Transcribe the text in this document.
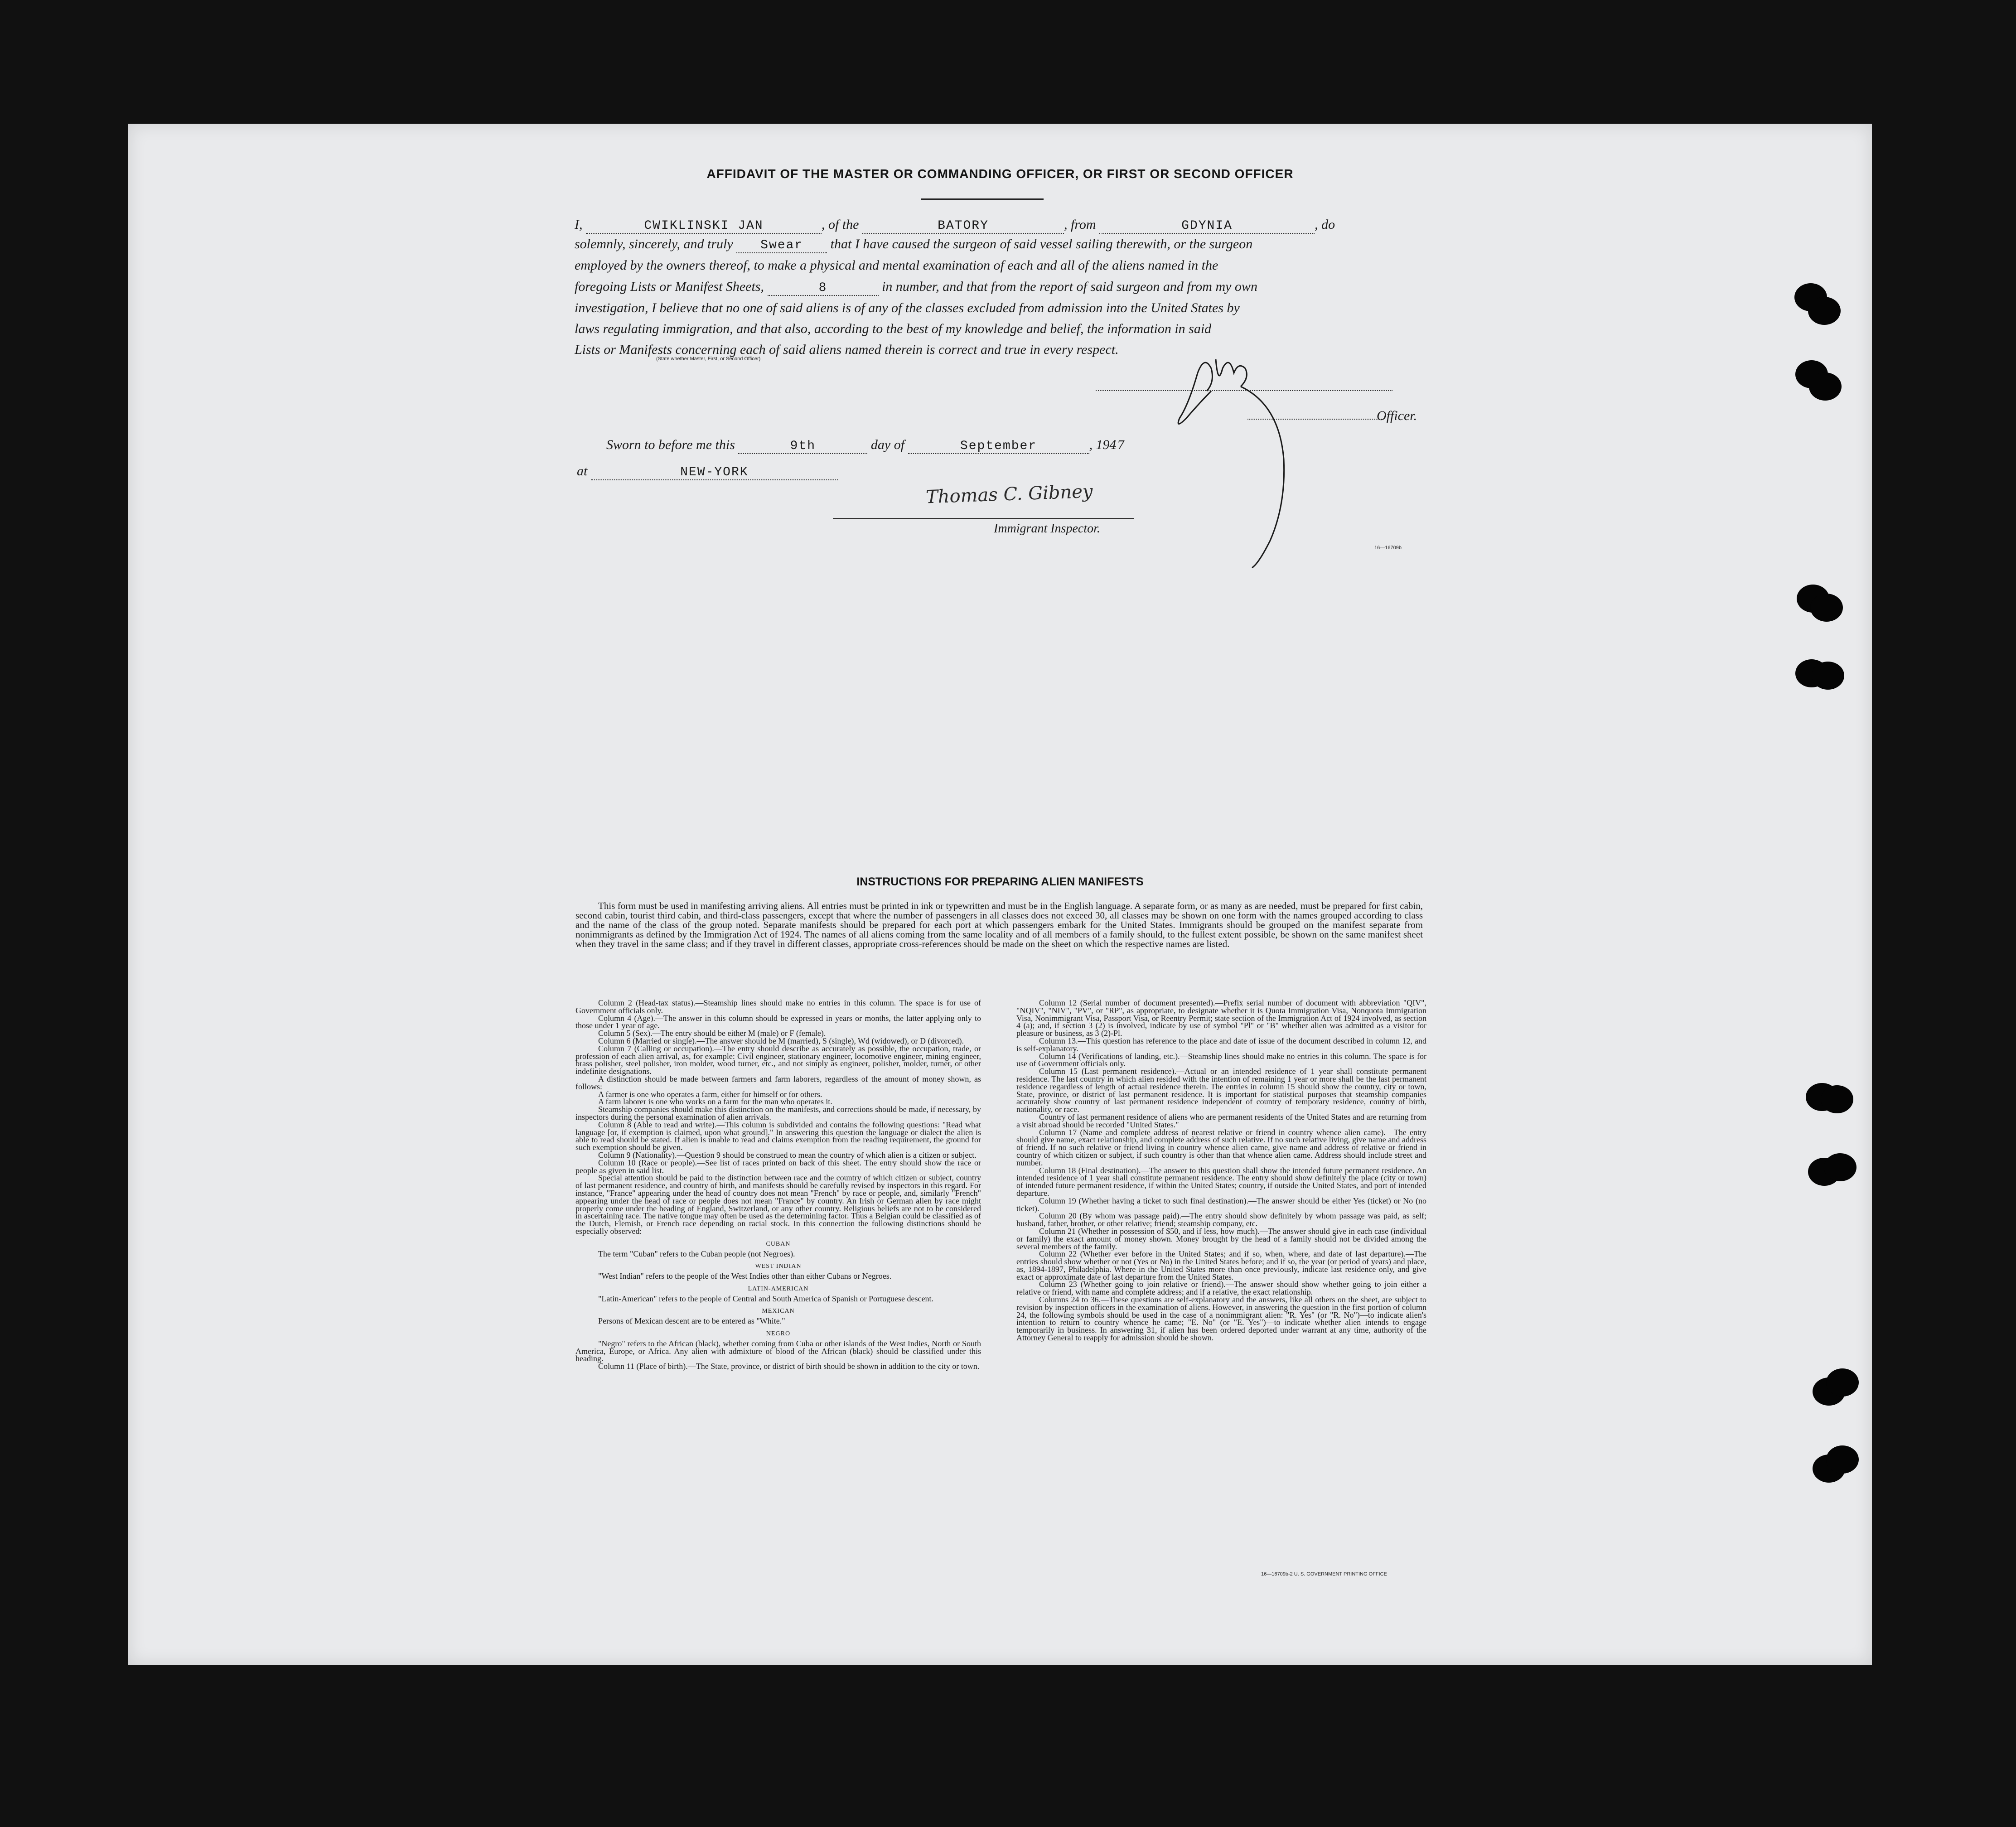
AFFIDAVIT OF THE MASTER OR COMMANDING OFFICER, OR FIRST OR SECOND OFFICER
I,	CWIKLINSKI JAN	, of the	BATORY	, from	GDYNIA	, do
(State whether Master, First, or Second Officer)
solemnly, sincerely, and truly Swear that I have caused the surgeon of said vessel sailing therewith, or the surgeon
employed by the owners thereof, to make a physical and mental examination of each and all of the aliens named in the
foregoing Lists or Manifest Sheets,	8	in number, and that from the report of said surgeon and from my own
investigation, I believe that no one of said aliens is of any of the classes excluded from admission into the United States by
laws regulating immigration, and that also, according to the best of my knowledge and belief, the information in said
Lists or Manifests concerning each of said aliens named therein is correct and true in every respect.
Officer.
Sworn to before me this	9th	day of	September	, 1947
at	NEW-YORK
Thomas C. Gibney
Immigrant Inspector.
16—16709b
INSTRUCTIONS FOR PREPARING ALIEN MANIFESTS
This form must be used in manifesting arriving aliens. All entries must be printed in ink or typewritten and must be in the English language. A separate form, or as many as are needed, must be prepared for first cabin, second cabin, tourist third cabin, and third-class passengers, except that where the number of passengers in all classes does not exceed 30, all classes may be shown on one form with the names grouped according to class and the name of the class of the group noted. Separate manifests should be prepared for each port at which passengers embark for the United States. Immigrants should be grouped on the manifest separate from nonimmigrants as defined by the Immigration Act of 1924. The names of all aliens coming from the same locality and of all members of a family should, to the fullest extent possible, be shown on the same manifest sheet when they travel in the same class; and if they travel in different classes, appropriate cross-references should be made on the sheet on which the respective names are listed.

Column 2 (Head-tax status).—Steamship lines should make no entries in this column. The space is for use of Government officials only.

Column 4 (Age).—The answer in this column should be expressed in years or months, the latter applying only to those under 1 year of age.

Column 5 (Sex).—The entry should be either M (male) or F (female).

Column 6 (Married or single).—The answer should be M (married), S (single), Wd (widowed), or D (divorced).

Column 7 (Calling or occupation).—The entry should describe as accurately as possible, the occupation, trade, or profession of each alien arrival, as, for example: Civil engineer, stationary engineer, locomotive engineer, mining engineer, brass polisher, steel polisher, iron molder, wood turner, etc., and not simply as engineer, polisher, molder, turner, or other indefinite designations.

A distinction should be made between farmers and farm laborers, regardless of the amount of money shown, as follows:

A farmer is one who operates a farm, either for himself or for others.

A farm laborer is one who works on a farm for the man who operates it.

Steamship companies should make this distinction on the manifests, and corrections should be made, if necessary, by inspectors during the personal examination of alien arrivals.

Column 8 (Able to read and write).—This column is subdivided and contains the following questions: "Read what language [or, if exemption is claimed, upon what ground]." In answering this question the language or dialect the alien is able to read should be stated. If alien is unable to read and claims exemption from the reading requirement, the ground for such exemption should be given.

Column 9 (Nationality).—Question 9 should be construed to mean the country of which alien is a citizen or subject.

Column 10 (Race or people).—See list of races printed on back of this sheet. The entry should show the race or people as given in said list.

Special attention should be paid to the distinction between race and the country of which citizen or subject, country of last permanent residence, and country of birth, and manifests should be carefully revised by inspectors in this regard. For instance, "France" appearing under the head of country does not mean "French" by race or people, and, similarly "French" appearing under the head of race or people does not mean "France" by country. An Irish or German alien by race might properly come under the heading of England, Switzerland, or any other country. Religious beliefs are not to be considered in ascertaining race. The native tongue may often be used as the determining factor. Thus a Belgian could be classified as of the Dutch, Flemish, or French race depending on racial stock. In this connection the following distinctions should be especially observed:

CUBAN

The term "Cuban" refers to the Cuban people (not Negroes).

WEST INDIAN

"West Indian" refers to the people of the West Indies other than either Cubans or Negroes.

LATIN-AMERICAN

"Latin-American" refers to the people of Central and South America of Spanish or Portuguese descent.

MEXICAN

Persons of Mexican descent are to be entered as "White."

NEGRO

"Negro" refers to the African (black), whether coming from Cuba or other islands of the West Indies, North or South America, Europe, or Africa. Any alien with admixture of blood of the African (black) should be classified under this heading.

Column 11 (Place of birth).—The State, province, or district of birth should be shown in addition to the city or town.

Column 12 (Serial number of document presented).—Prefix serial number of document with abbreviation "QIV", "NQIV", "NIV", "PV", or "RP", as appropriate, to designate whether it is Quota Immigration Visa, Nonquota Immigration Visa, Nonimmigrant Visa, Passport Visa, or Reentry Permit; state section of the Immigration Act of 1924 involved, as section 4 (a); and, if section 3 (2) is involved, indicate by use of symbol "Pl" or "B" whether alien was admitted as a visitor for pleasure or business, as 3 (2)-Pl.

Column 13.—This question has reference to the place and date of issue of the document described in column 12, and is self-explanatory.

Column 14 (Verifications of landing, etc.).—Steamship lines should make no entries in this column. The space is for use of Government officials only.

Column 15 (Last permanent residence).—Actual or an intended residence of 1 year shall constitute permanent residence. The last country in which alien resided with the intention of remaining 1 year or more shall be the last permanent residence regardless of length of actual residence therein. The entries in column 15 should show the country, city or town, State, province, or district of last permanent residence. It is important for statistical purposes that steamship companies accurately show country of last permanent residence independent of country of temporary residence, country of birth, nationality, or race.

Country of last permanent residence of aliens who are permanent residents of the United States and are returning from a visit abroad should be recorded "United States."

Column 17 (Name and complete address of nearest relative or friend in country whence alien came).—The entry should give name, exact relationship, and complete address of such relative. If no such relative living, give name and address of friend. If no such relative or friend living in country whence alien came, give name and address of relative or friend in country of which citizen or subject, if such country is other than that whence alien came. Address should include street and number.

Column 18 (Final destination).—The answer to this question shall show the intended future permanent residence. An intended residence of 1 year shall constitute permanent residence. The entry should show definitely the place (city or town) of intended future permanent residence, if within the United States; country, if outside the United States, and port of intended departure.

Column 19 (Whether having a ticket to such final destination).—The answer should be either Yes (ticket) or No (no ticket).

Column 20 (By whom was passage paid).—The entry should show definitely by whom passage was paid, as self; husband, father, brother, or other relative; friend; steamship company, etc.

Column 21 (Whether in possession of $50, and if less, how much).—The answer should give in each case (individual or family) the exact amount of money shown. Money brought by the head of a family should not be divided among the several members of the family.

Column 22 (Whether ever before in the United States; and if so, when, where, and date of last departure).—The entries should show whether or not (Yes or No) in the United States before; and if so, the year (or period of years) and place, as, 1894-1897, Philadelphia. Where in the United States more than once previously, indicate last residence only, and give exact or approximate date of last departure from the United States.

Column 23 (Whether going to join relative or friend).—The answer should show whether going to join either a relative or friend, with name and complete address; and if a relative, the exact relationship.

Columns 24 to 36.—These questions are self-explanatory and the answers, like all others on the sheet, are subject to revision by inspection officers in the examination of aliens. However, in answering the question in the first portion of column 24, the following symbols should be used in the case of a nonimmigrant alien: "R. Yes" (or "R. No")—to indicate alien's intention to return to country whence he came; "E. No" (or "E. Yes")—to indicate whether alien intends to engage temporarily in business. In answering 31, if alien has been ordered deported under warrant at any time, authority of the Attorney General to reapply for admission should be shown.

16—16709b-2 U. S. GOVERNMENT PRINTING OFFICE
